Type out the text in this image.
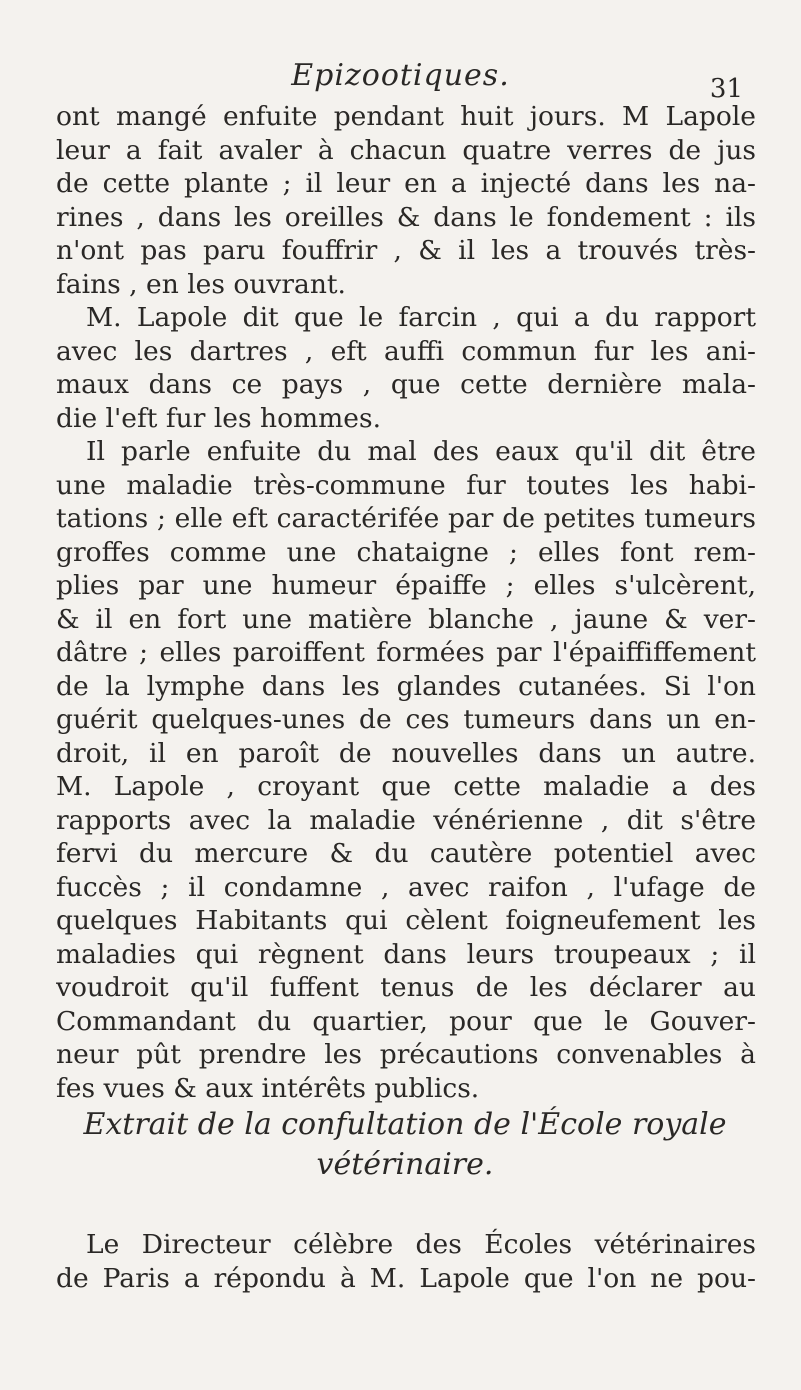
Epizootiques.	31
ont mangé enfuite pendant huit jours. M Lapole
leur a fait avaler à chacun quatre verres de jus
de cette plante ; il leur en a injecté dans les na-
rines , dans les oreilles & dans le fondement : ils
n'ont pas paru fouffrir , & il les a trouvés très-
fains , en les ouvrant.
M. Lapole dit que le farcin , qui a du rapport
avec les dartres , eft auffi commun fur les ani-
maux dans ce pays , que cette dernière mala-
die l'eft fur les hommes.
Il parle enfuite du mal des eaux qu'il dit être
une maladie très-commune fur toutes les habi-
tations ; elle eft caractérifée par de petites tumeurs
groffes comme une chataigne ; elles font rem-
plies par une humeur épaiffe ; elles s'ulcèrent,
& il en fort une matière blanche , jaune & ver-
dâtre ; elles paroiffent formées par l'épaiffiffement
de la lymphe dans les glandes cutanées. Si l'on
guérit quelques-unes de ces tumeurs dans un en-
droit, il en paroît de nouvelles dans un autre.
M. Lapole , croyant que cette maladie a des
rapports avec la maladie vénérienne , dit s'être
fervi du mercure & du cautère potentiel avec
fuccès ; il condamne , avec raifon , l'ufage de
quelques Habitants qui cèlent foigneufement les
maladies qui règnent dans leurs troupeaux ; il
voudroit qu'il fuffent tenus de les déclarer au
Commandant du quartier, pour que le Gouver-
neur pût prendre les précautions convenables à
fes vues & aux intérêts publics.
Extrait de la confultation de l'École royale
vétérinaire.
Le Directeur célèbre des Écoles vétérinaires
de Paris a répondu à M. Lapole que l'on ne pou-
